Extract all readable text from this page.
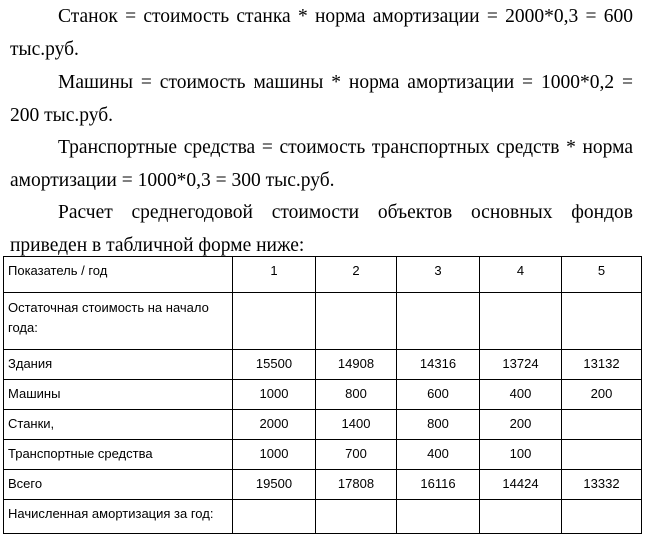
Станок = стоимость станка * норма амортизации = 2000*0,3 = 600 тыс.руб.

Машины = стоимость машины * норма амортизации = 1000*0,2 = 200 тыс.руб.

Транспортные средства = стоимость транспортных средств * норма амортизации = 1000*0,3 = 300 тыс.руб.

Расчет среднегодовой стоимости объектов основных фондов приведен в табличной форме ниже:

Показатель / год	1	2	3	4	5
Остаточная стоимость на начало года:					
Здания	15500	14908	14316	13724	13132
Машины	1000	800	600	400	200
Станки,	2000	1400	800	200	
Транспортные средства	1000	700	400	100	
Всего	19500	17808	16116	14424	13332
Начисленная амортизация за год:					
